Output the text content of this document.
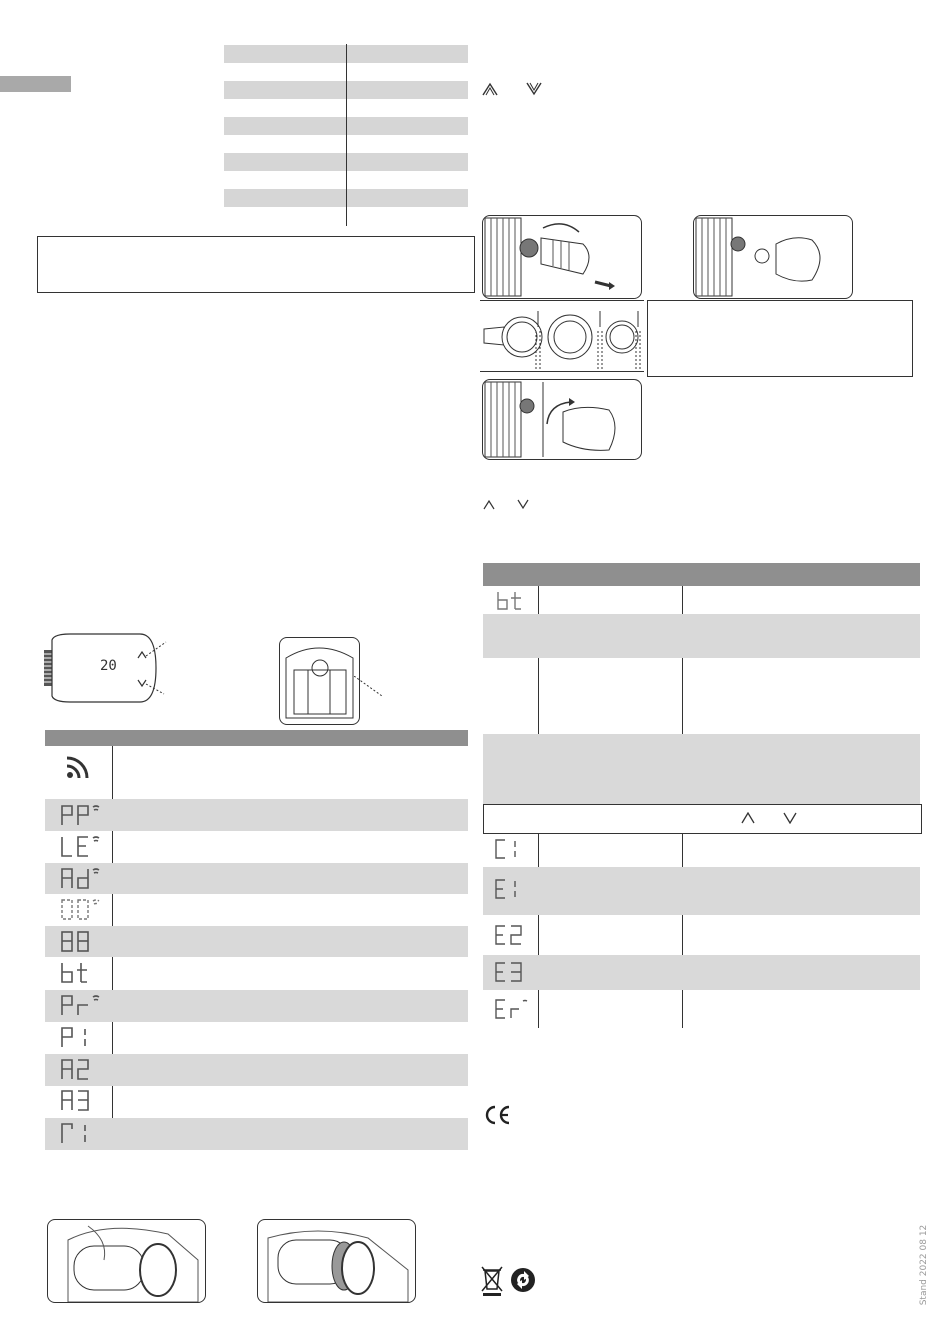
20
Stand 2022 08 12
